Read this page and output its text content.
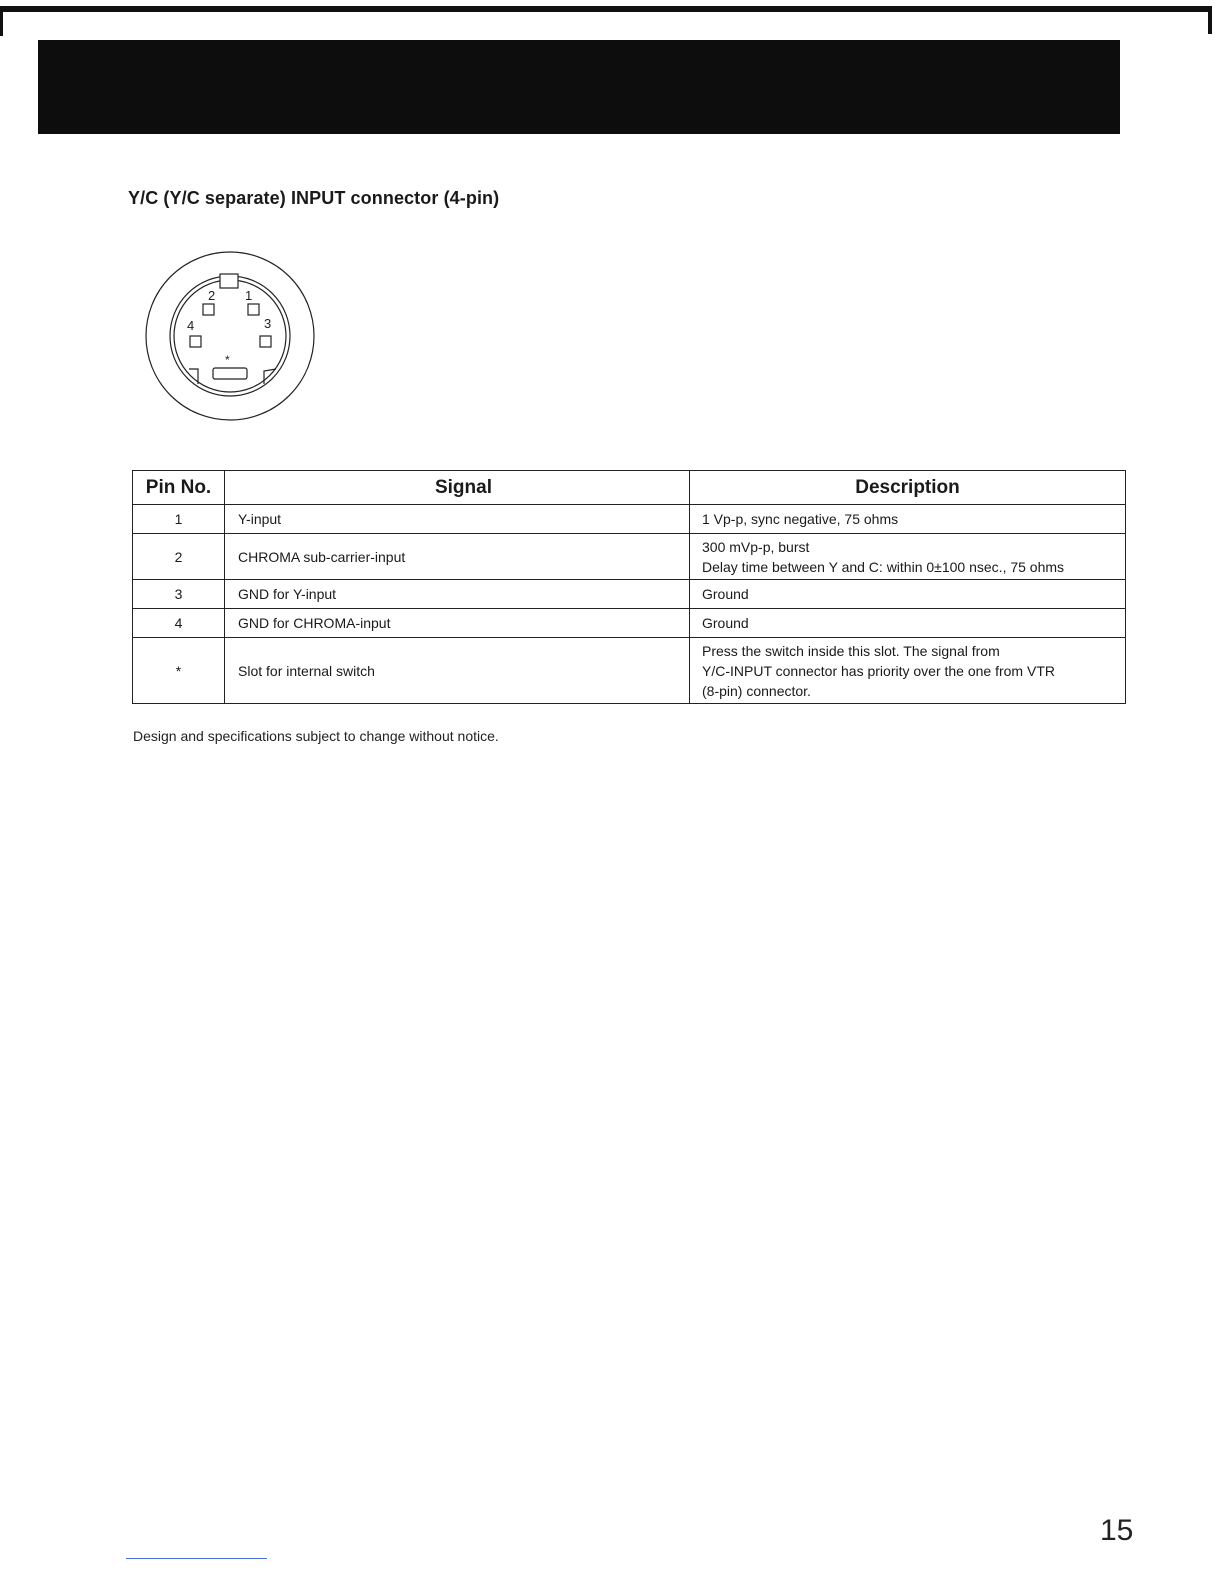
Y/C (Y/C separate) INPUT connector (4-pin)
2 1
4	3
*
Pin No.	Signal	Description
1	Y-input	1 Vp-p, sync negative, 75 ohms

2	CHROMA sub-carrier-input	300 mVp-p, burst
Delay time between Y and C: within 0±100 nsec., 75 ohms

3	GND for Y-input	Ground

4	GND for CHROMA-input	Ground

*	Slot for internal switch	Press the switch inside this slot. The signal from
Y/C-INPUT connector has priority over the one from VTR
(8-pin) connector.

Design and specifications subject to change without notice.

15
